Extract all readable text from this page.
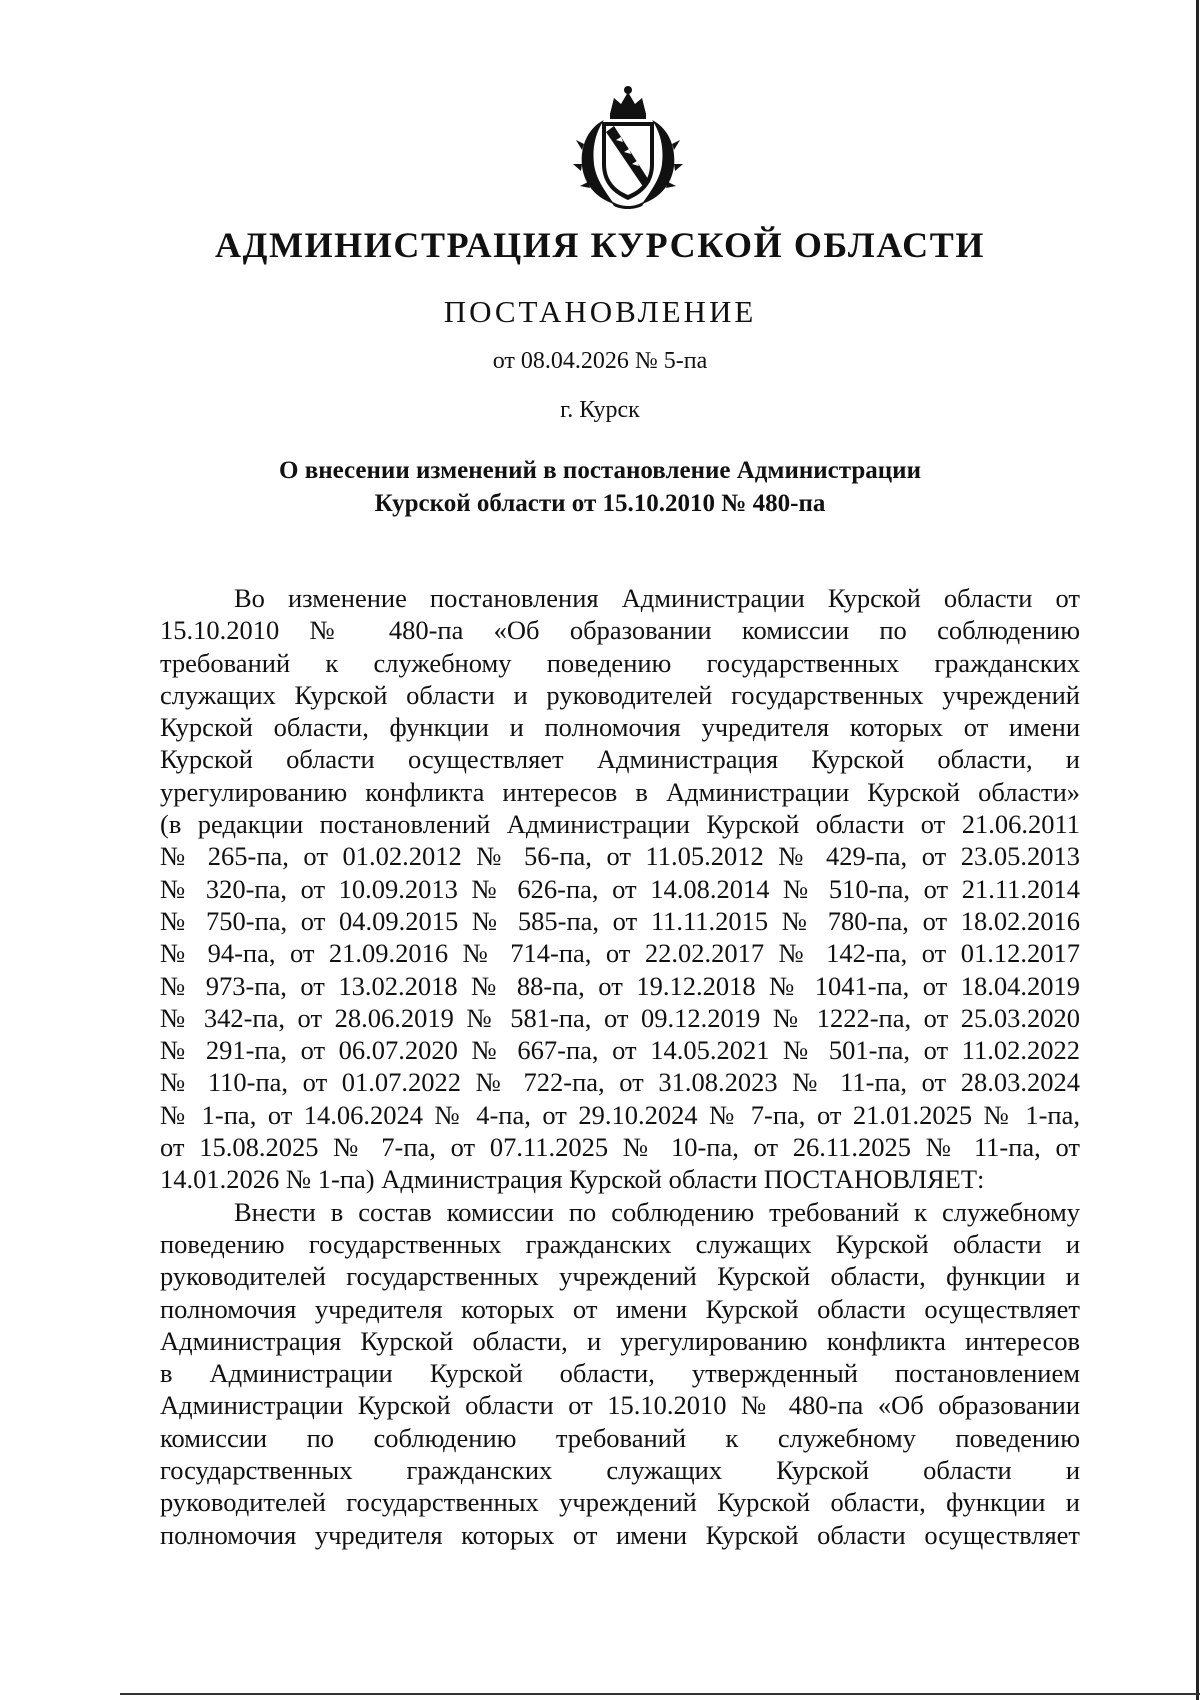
АДМИНИСТРАЦИЯ КУРСКОЙ ОБЛАСТИ
ПОСТАНОВЛЕНИЕ
от 08.04.2026 № 5-па
г. Курск
О внесении изменений в постановление Администрации
Курской области от 15.10.2010 № 480-па
Во изменение постановления Администрации Курской области от
15.10.2010 № 480-па «Об образовании комиссии по соблюдению
требований к служебному поведению государственных гражданских
служащих Курской области и руководителей государственных учреждений
Курской области, функции и полномочия учредителя которых от имени
Курской области осуществляет Администрация Курской области, и
урегулированию конфликта интересов в Администрации Курской области»
(в редакции постановлений Администрации Курской области от 21.06.2011
№ 265-па, от 01.02.2012 № 56-па, от 11.05.2012 № 429-па, от 23.05.2013
№ 320-па, от 10.09.2013 № 626-па, от 14.08.2014 № 510-па, от 21.11.2014
№ 750-па, от 04.09.2015 № 585-па, от 11.11.2015 № 780-па, от 18.02.2016
№ 94-па, от 21.09.2016 № 714-па, от 22.02.2017 № 142-па, от 01.12.2017
№ 973-па, от 13.02.2018 № 88-па, от 19.12.2018 № 1041-па, от 18.04.2019
№ 342-па, от 28.06.2019 № 581-па, от 09.12.2019 № 1222-па, от 25.03.2020
№ 291-па, от 06.07.2020 № 667-па, от 14.05.2021 № 501-па, от 11.02.2022
№ 110-па, от 01.07.2022 № 722-па, от 31.08.2023 № 11-па, от 28.03.2024
№ 1-па, от 14.06.2024 № 4-па, от 29.10.2024 № 7-па, от 21.01.2025 № 1-па,
от 15.08.2025 № 7-па, от 07.11.2025 № 10-па, от 26.11.2025 № 11-па, от
14.01.2026 № 1-па) Администрация Курской области ПОСТАНОВЛЯЕТ:
Внести в состав комиссии по соблюдению требований к служебному
поведению государственных гражданских служащих Курской области и
руководителей государственных учреждений Курской области, функции и
полномочия учредителя которых от имени Курской области осуществляет
Администрация Курской области, и урегулированию конфликта интересов
в Администрации Курской области, утвержденный постановлением
Администрации Курской области от 15.10.2010 № 480-па «Об образовании
комиссии по соблюдению требований к служебному поведению
государственных гражданских служащих Курской области и
руководителей государственных учреждений Курской области, функции и
полномочия учредителя которых от имени Курской области осуществляет
